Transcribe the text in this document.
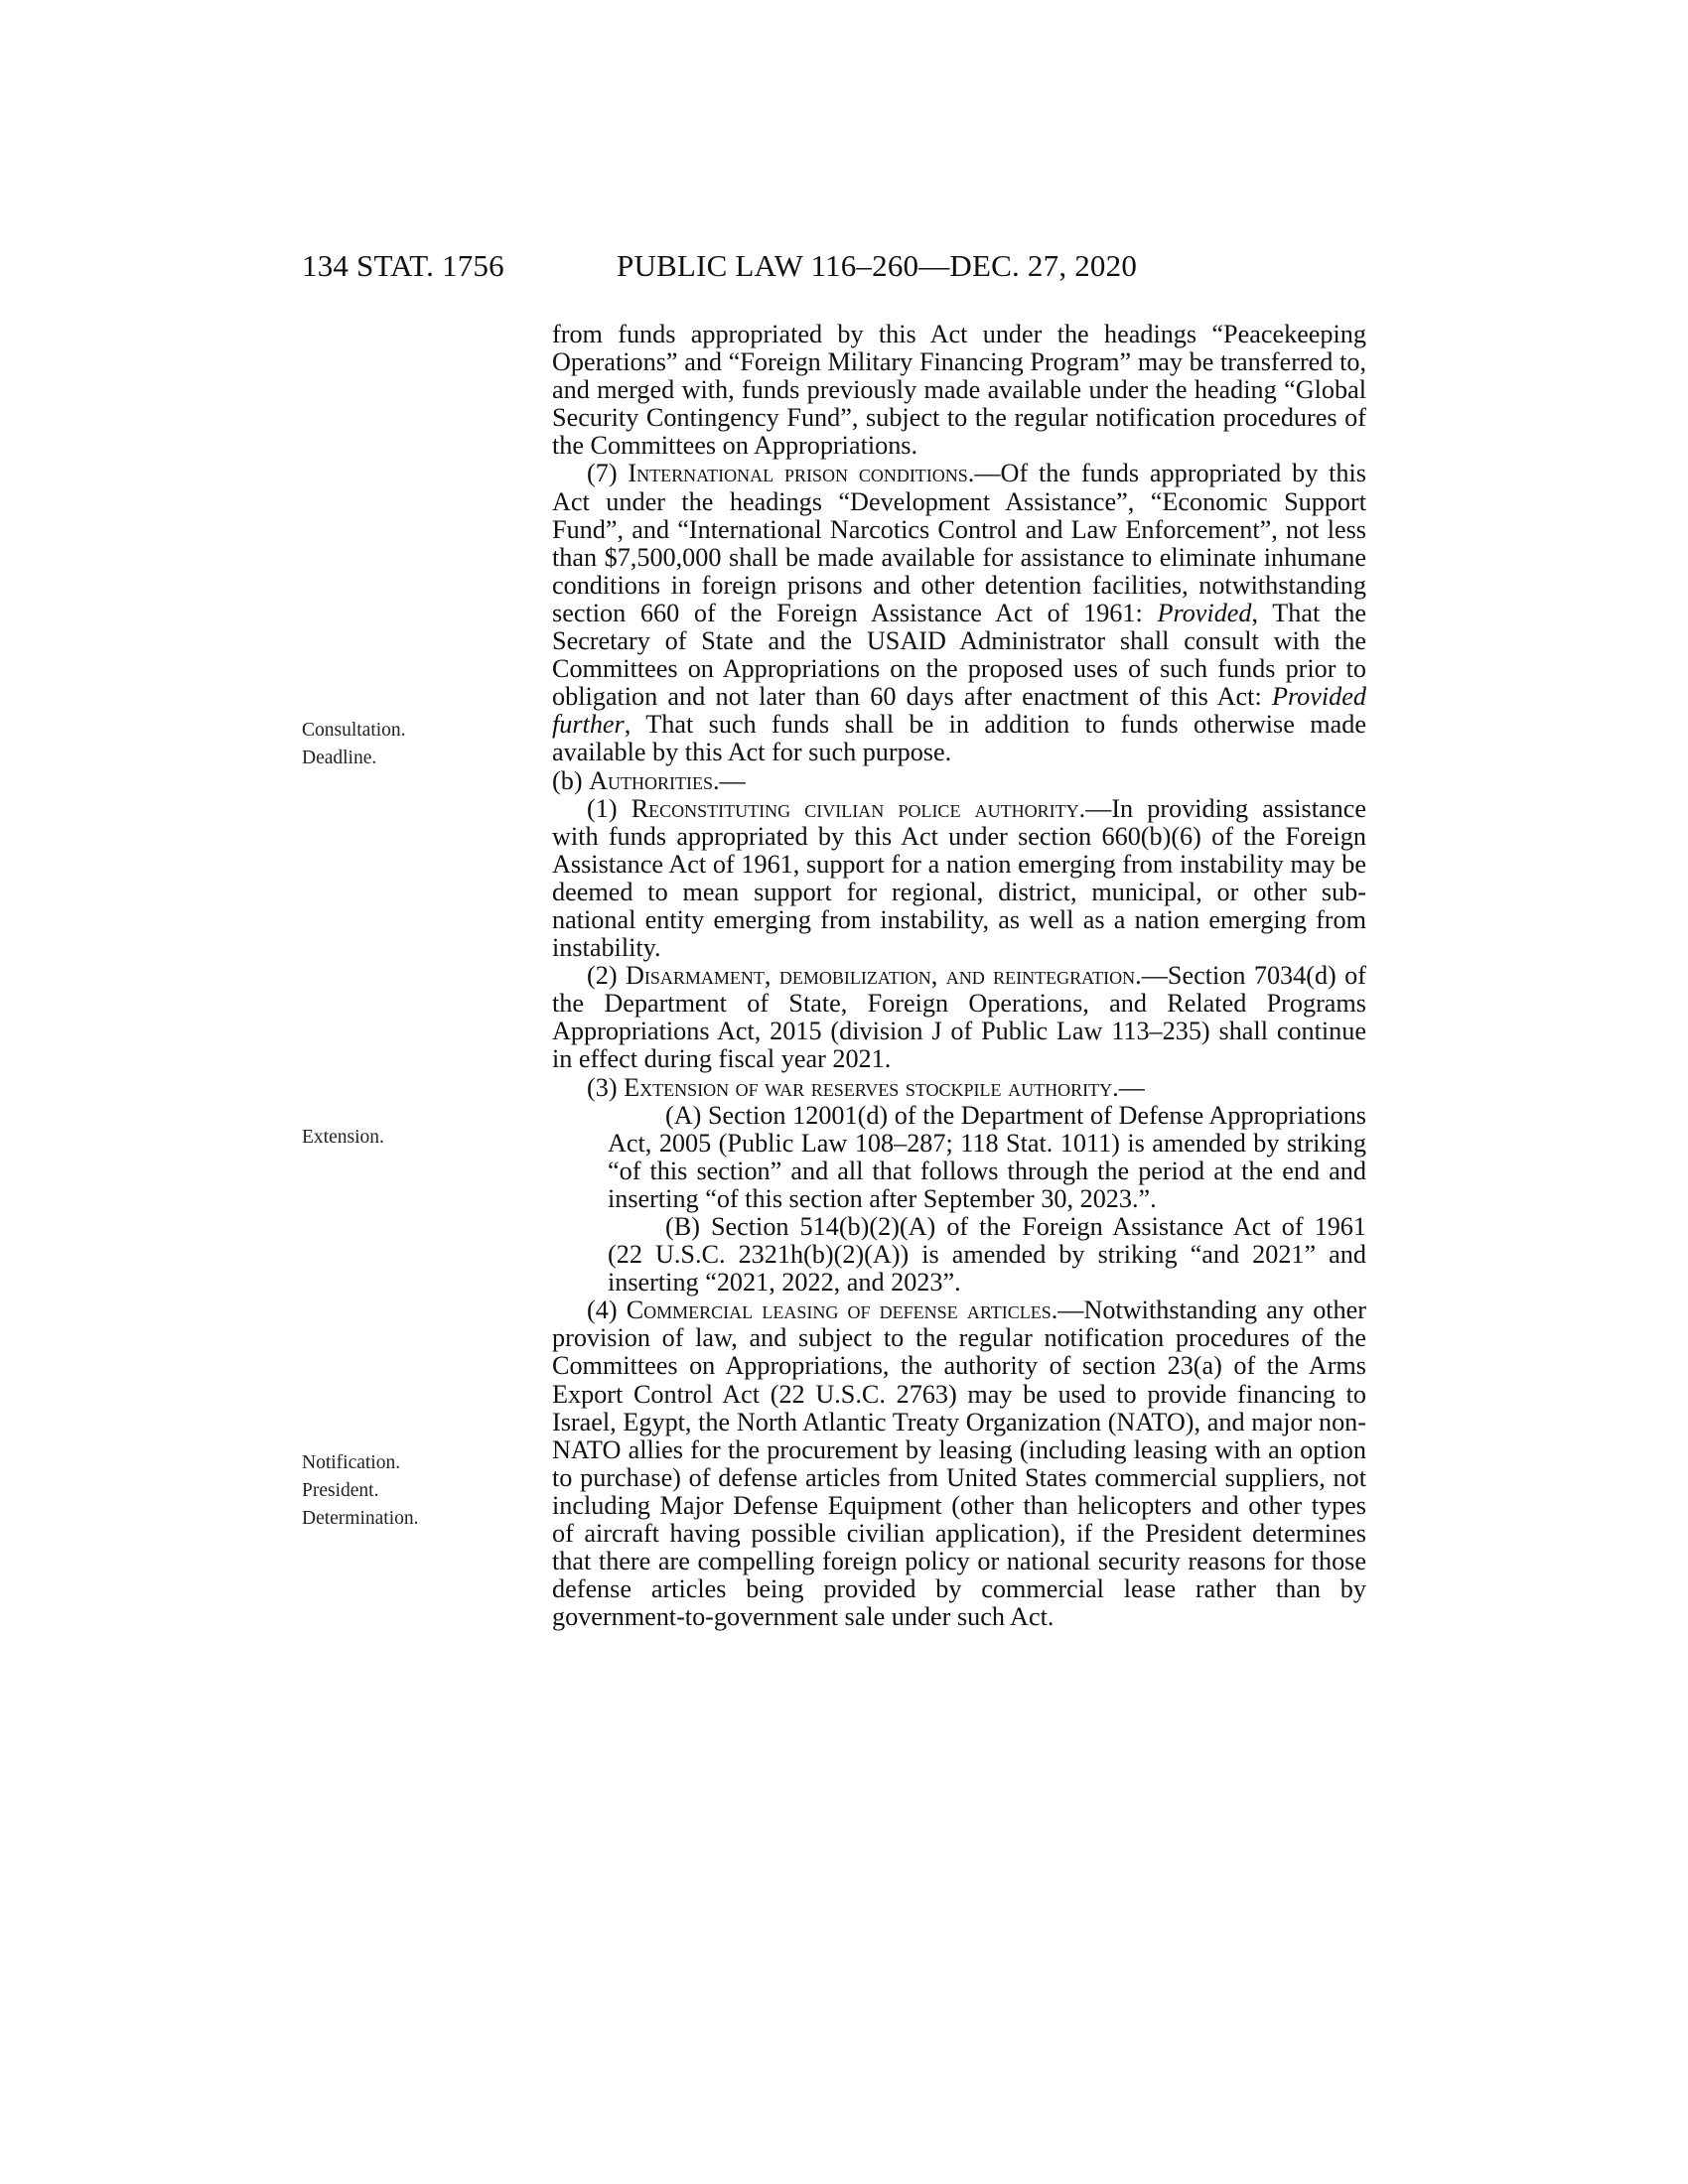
134 STAT. 1756	PUBLIC LAW 116–260—DEC. 27, 2020
Consultation.
Deadline.
Extension.
Notification.
President.
Determination.

from funds appropriated by this Act under the headings “Peacekeeping Operations” and “Foreign Military Financing Program” may be transferred to, and merged with, funds previously made available under the heading “Global Security Contingency Fund”, subject to the regular notification procedures of the Committees on Appropriations.

(7) International prison conditions.—Of the funds appropriated by this Act under the headings “Development Assistance”, “Economic Support Fund”, and “International Narcotics Control and Law Enforcement”, not less than $7,500,000 shall be made available for assistance to eliminate inhumane conditions in foreign prisons and other detention facilities, notwithstanding section 660 of the Foreign Assistance Act of 1961: Provided, That the Secretary of State and the USAID Administrator shall consult with the Committees on Appropriations on the proposed uses of such funds prior to obligation and not later than 60 days after enactment of this Act: Provided further, That such funds shall be in addition to funds otherwise made available by this Act for such purpose.

(b) Authorities.—

(1) Reconstituting civilian police authority.—In providing assistance with funds appropriated by this Act under section 660(b)(6) of the Foreign Assistance Act of 1961, support for a nation emerging from instability may be deemed to mean support for regional, district, municipal, or other sub-national entity emerging from instability, as well as a nation emerging from instability.

(2) Disarmament, demobilization, and reintegration.—Section 7034(d) of the Department of State, Foreign Operations, and Related Programs Appropriations Act, 2015 (division J of Public Law 113–235) shall continue in effect during fiscal year 2021.

(3) Extension of war reserves stockpile authority.—

(A) Section 12001(d) of the Department of Defense Appropriations Act, 2005 (Public Law 108–287; 118 Stat. 1011) is amended by striking “of this section” and all that follows through the period at the end and inserting “of this section after September 30, 2023.”.

(B) Section 514(b)(2)(A) of the Foreign Assistance Act of 1961 (22 U.S.C. 2321h(b)(2)(A)) is amended by striking “and 2021” and inserting “2021, 2022, and 2023”.

(4) Commercial leasing of defense articles.—Notwithstanding any other provision of law, and subject to the regular notification procedures of the Committees on Appropriations, the authority of section 23(a) of the Arms Export Control Act (22 U.S.C. 2763) may be used to provide financing to Israel, Egypt, the North Atlantic Treaty Organization (NATO), and major non-NATO allies for the procurement by leasing (including leasing with an option to purchase) of defense articles from United States commercial suppliers, not including Major Defense Equipment (other than helicopters and other types of aircraft having possible civilian application), if the President determines that there are compelling foreign policy or national security reasons for those defense articles being provided by commercial lease rather than by government-to-government sale under such Act.
